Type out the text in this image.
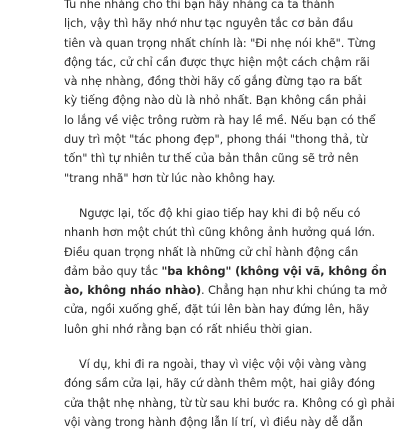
Tu nhe nhàng cho thi bạn hãy nhàng ca ta thánh
lịch, vậy thì hãy nhớ như tạc nguyên tắc cơ bản đầu
tiên và quan trọng nhất chính là: "Đi nhẹ nói khẽ". Từng
động tác, cử chỉ cần được thực hiện một cách chậm rãi
và nhẹ nhàng, đồng thời hãy cố gắng đừng tạo ra bất
kỳ tiếng động nào dù là nhỏ nhất. Bạn không cần phải
lo lắng về việc trông rườm rà hay lề mề. Nếu bạn có thể
duy trì một "tác phong đẹp", phong thái "thong thả, từ
tốn" thì tự nhiên tư thế của bản thân cũng sẽ trở nên
"trang nhã" hơn từ lúc nào không hay.

Ngược lại, tốc độ khi giao tiếp hay khi đi bộ nếu có
nhanh hơn một chút thì cũng không ảnh hưởng quá lớn.
Điều quan trọng nhất là những cử chỉ hành động cần
đảm bảo quy tắc "ba không" (không vội vã, không ồn
ào, không nháo nhào). Chẳng hạn như khi chúng ta mở
cửa, ngồi xuống ghế, đặt túi lên bàn hay đứng lên, hãy
luôn ghi nhớ rằng bạn có rất nhiều thời gian.

Ví dụ, khi đi ra ngoài, thay vì việc vội vội vàng vàng
đóng sầm cửa lại, hãy cứ dành thêm một, hai giây đóng
cửa thật nhẹ nhàng, từ từ sau khi bước ra. Không có gì phải
vội vàng trong hành động lẫn lí trí, vì điều này dễ dẫn
